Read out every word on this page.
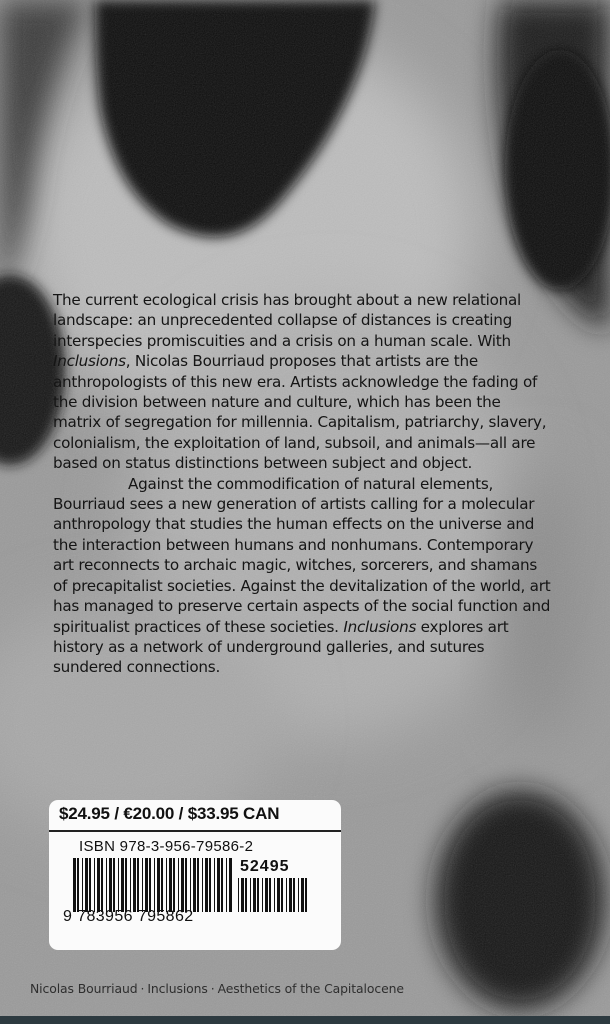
The current ecological crisis has brought about a new relational landscape: an unprecedented collapse of distances is creating interspecies promiscuities and a crisis on a human scale. With Inclusions, Nicolas Bourriaud proposes that artists are the anthropologists of this new era. Artists acknowledge the fading of the division between nature and culture, which has been the matrix of segregation for millennia. Capitalism, patriarchy, slavery, colonialism, the exploitation of land, subsoil, and animals—all are based on status distinctions between subject and object.

Against the commodification of natural elements, Bourriaud sees a new generation of artists calling for a molecular anthropology that studies the human effects on the universe and the interaction between humans and nonhumans. Contemporary art reconnects to archaic magic, witches, sorcerers, and shamans of precapitalist societies. Against the devitalization of the world, art has managed to preserve certain aspects of the social function and spiritualist practices of these societies. Inclusions explores art history as a network of underground galleries, and sutures sundered connections.

$24.95 / €20.00 / $33.95 CAN
ISBN 978-3-956-79586-2
9 783956 795862
52495
Nicolas Bourriaud · Inclusions · Aesthetics of the Capitalocene
